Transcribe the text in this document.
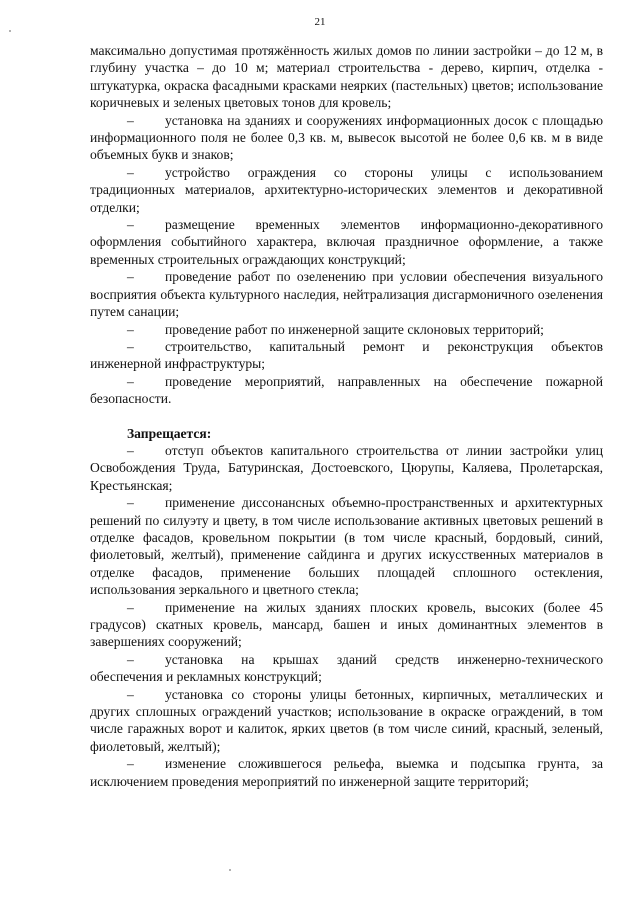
21

максимально допустимая протяжённость жилых домов по линии застройки – до 12 м, в глубину участка – до 10 м; материал строительства - дерево, кирпич, отделка - штукатурка, окраска фасадными красками неярких (пастельных) цветов; использование коричневых и зеленых цветовых тонов для кровель;

– установка на зданиях и сооружениях информационных досок с площадью информационного поля не более 0,3 кв. м, вывесок высотой не более 0,6 кв. м в виде объемных букв и знаков;

– устройство ограждения со стороны улицы с использованием традиционных материалов, архитектурно-исторических элементов и декоративной отделки;

– размещение временных элементов информационно-декоративного оформления событийного характера, включая праздничное оформление, а также временных строительных ограждающих конструкций;

– проведение работ по озеленению при условии обеспечения визуального восприятия объекта культурного наследия, нейтрализация дисгармоничного озеленения путем санации;

– проведение работ по инженерной защите склоновых территорий;

– строительство, капитальный ремонт и реконструкция объектов инженерной инфраструктуры;

– проведение мероприятий, направленных на обеспечение пожарной безопасности.

Запрещается:

– отступ объектов капитального строительства от линии застройки улиц Освобождения Труда, Батуринская, Достоевского, Цюрупы, Каляева, Пролетарская, Крестьянская;

– применение диссонансных объемно-пространственных и архитектурных решений по силуэту и цвету, в том числе использование активных цветовых решений в отделке фасадов, кровельном покрытии (в том числе красный, бордовый, синий, фиолетовый, желтый), применение сайдинга и других искусственных материалов в отделке фасадов, применение больших площадей сплошного остекления, использования зеркального и цветного стекла;

– применение на жилых зданиях плоских кровель, высоких (более 45 градусов) скатных кровель, мансард, башен и иных доминантных элементов в завершениях сооружений;

– установка на крышах зданий средств инженерно-технического обеспечения и рекламных конструкций;

– установка со стороны улицы бетонных, кирпичных, металлических и других сплошных ограждений участков; использование в окраске ограждений, в том числе гаражных ворот и калиток, ярких цветов (в том числе синий, красный, зеленый, фиолетовый, желтый);

– изменение сложившегося рельефа, выемка и подсыпка грунта, за исключением проведения мероприятий по инженерной защите территорий;
